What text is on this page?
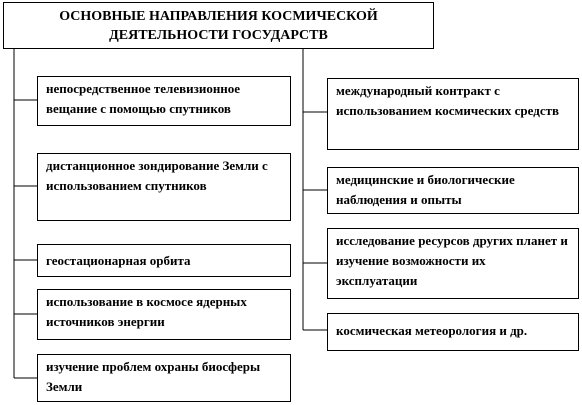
ОСНОВНЫЕ НАПРАВЛЕНИЯ КОСМИЧЕСКОЙ
ДЕЯТЕЛЬНОСТИ ГОСУДАРСТВ
непосредственное телевизионное вещание с помощью спутников
дистанционное зондирование Земли с использованием спутников
геостационарная орбита
использование в космосе ядерных источников энергии
изучение проблем охраны биосферы Земли
международный контракт с использованием космических средств
медицинские и биологические наблюдения и опыты
исследование ресурсов других планет и изучение возможности их эксплуатации
космическая метеорология и др.
